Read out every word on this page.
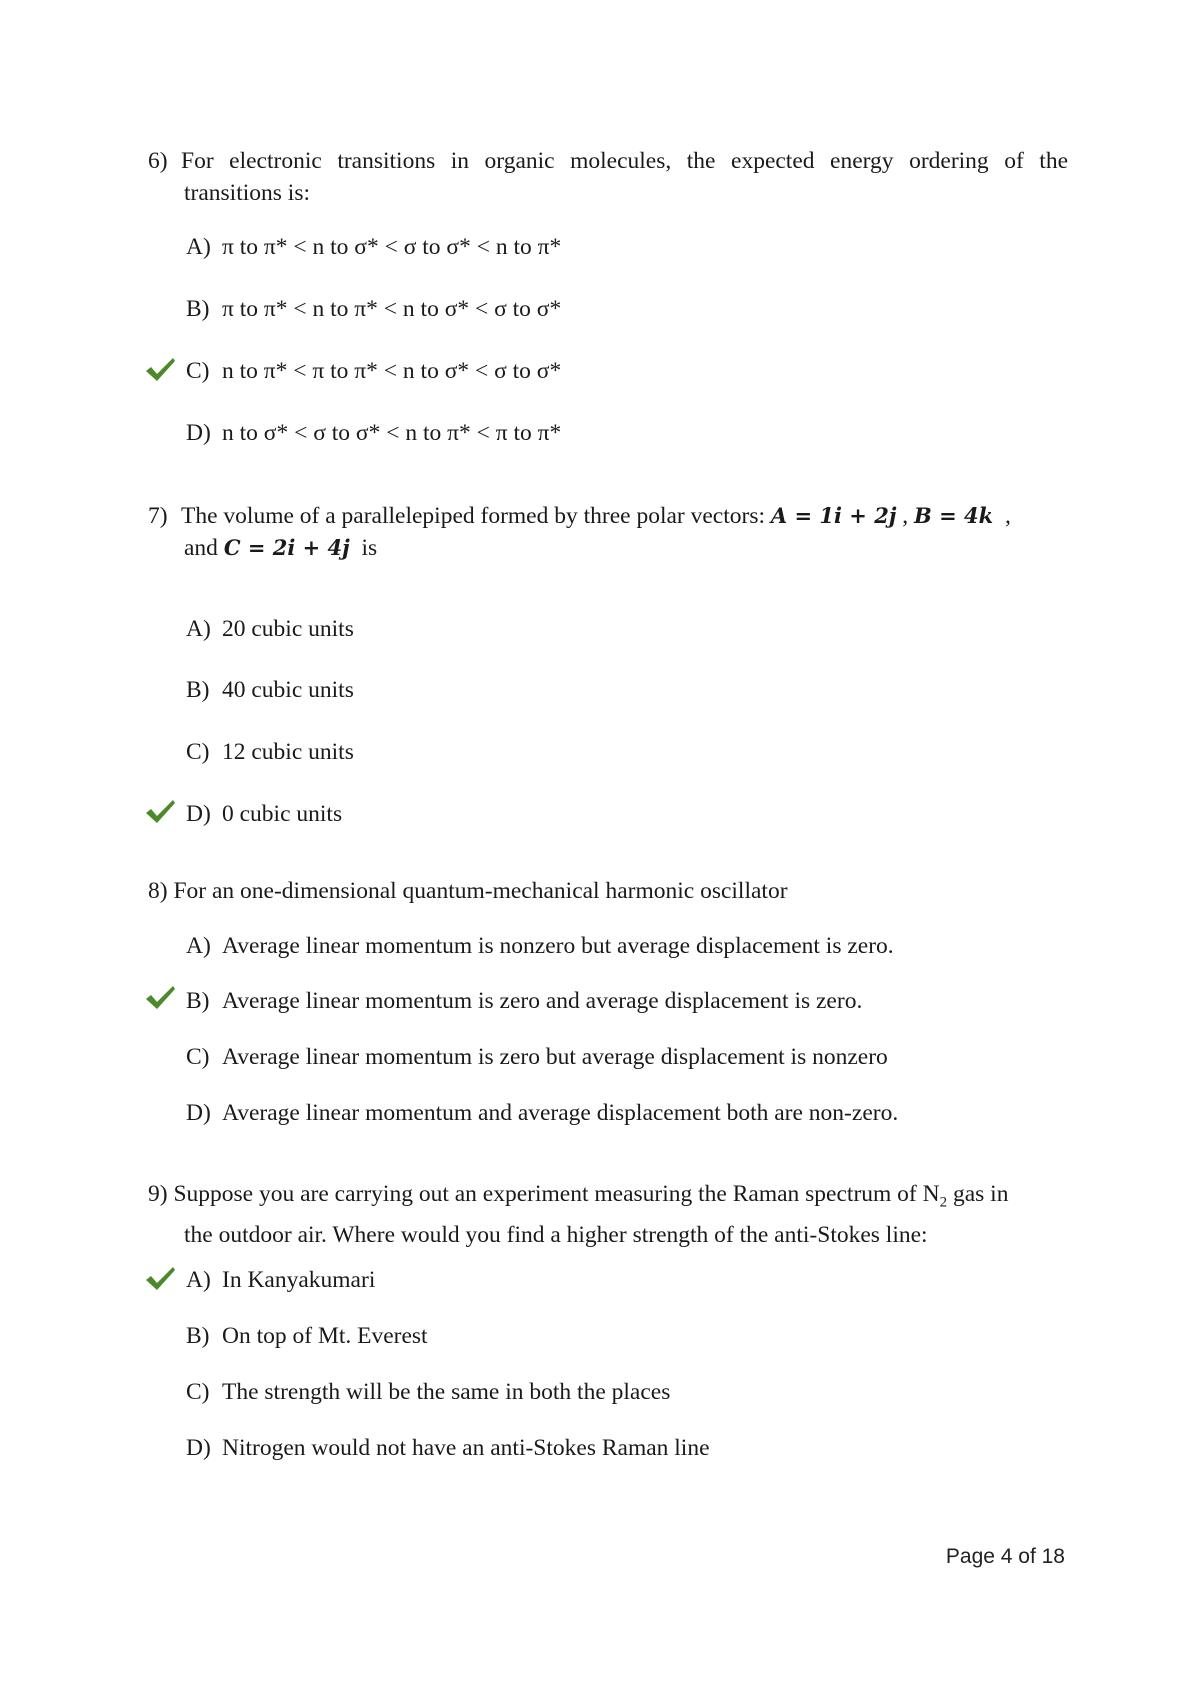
6) For electronic transitions in organic molecules, the expected energy ordering of the
transitions is:
A) π to π* < n to σ* < σ to σ* < n to π*
B) π to π* < n to π* < n to σ* < σ to σ*
C) n to π* < π to π* < n to σ* < σ to σ*
D) n to σ* < σ to σ* < n to π* < π to π*
7) The volume of a parallelepiped formed by three polar vectors: A = 1i + 2j , B = 4k  ,
and C = 2i + 4j is
A) 20 cubic units
B) 40 cubic units
C) 12 cubic units
D) 0 cubic units
8) For an one-dimensional quantum-mechanical harmonic oscillator
A) Average linear momentum is nonzero but average displacement is zero.
B) Average linear momentum is zero and average displacement is zero.
C) Average linear momentum is zero but average displacement is nonzero
D) Average linear momentum and average displacement both are non-zero.
9) Suppose you are carrying out an experiment measuring the Raman spectrum of $N_2$ gas in
the outdoor air. Where would you find a higher strength of the anti-Stokes line:
A) In Kanyakumari
B) On top of Mt. Everest
C) The strength will be the same in both the places
D) Nitrogen would not have an anti-Stokes Raman line
Page 4 of 18
